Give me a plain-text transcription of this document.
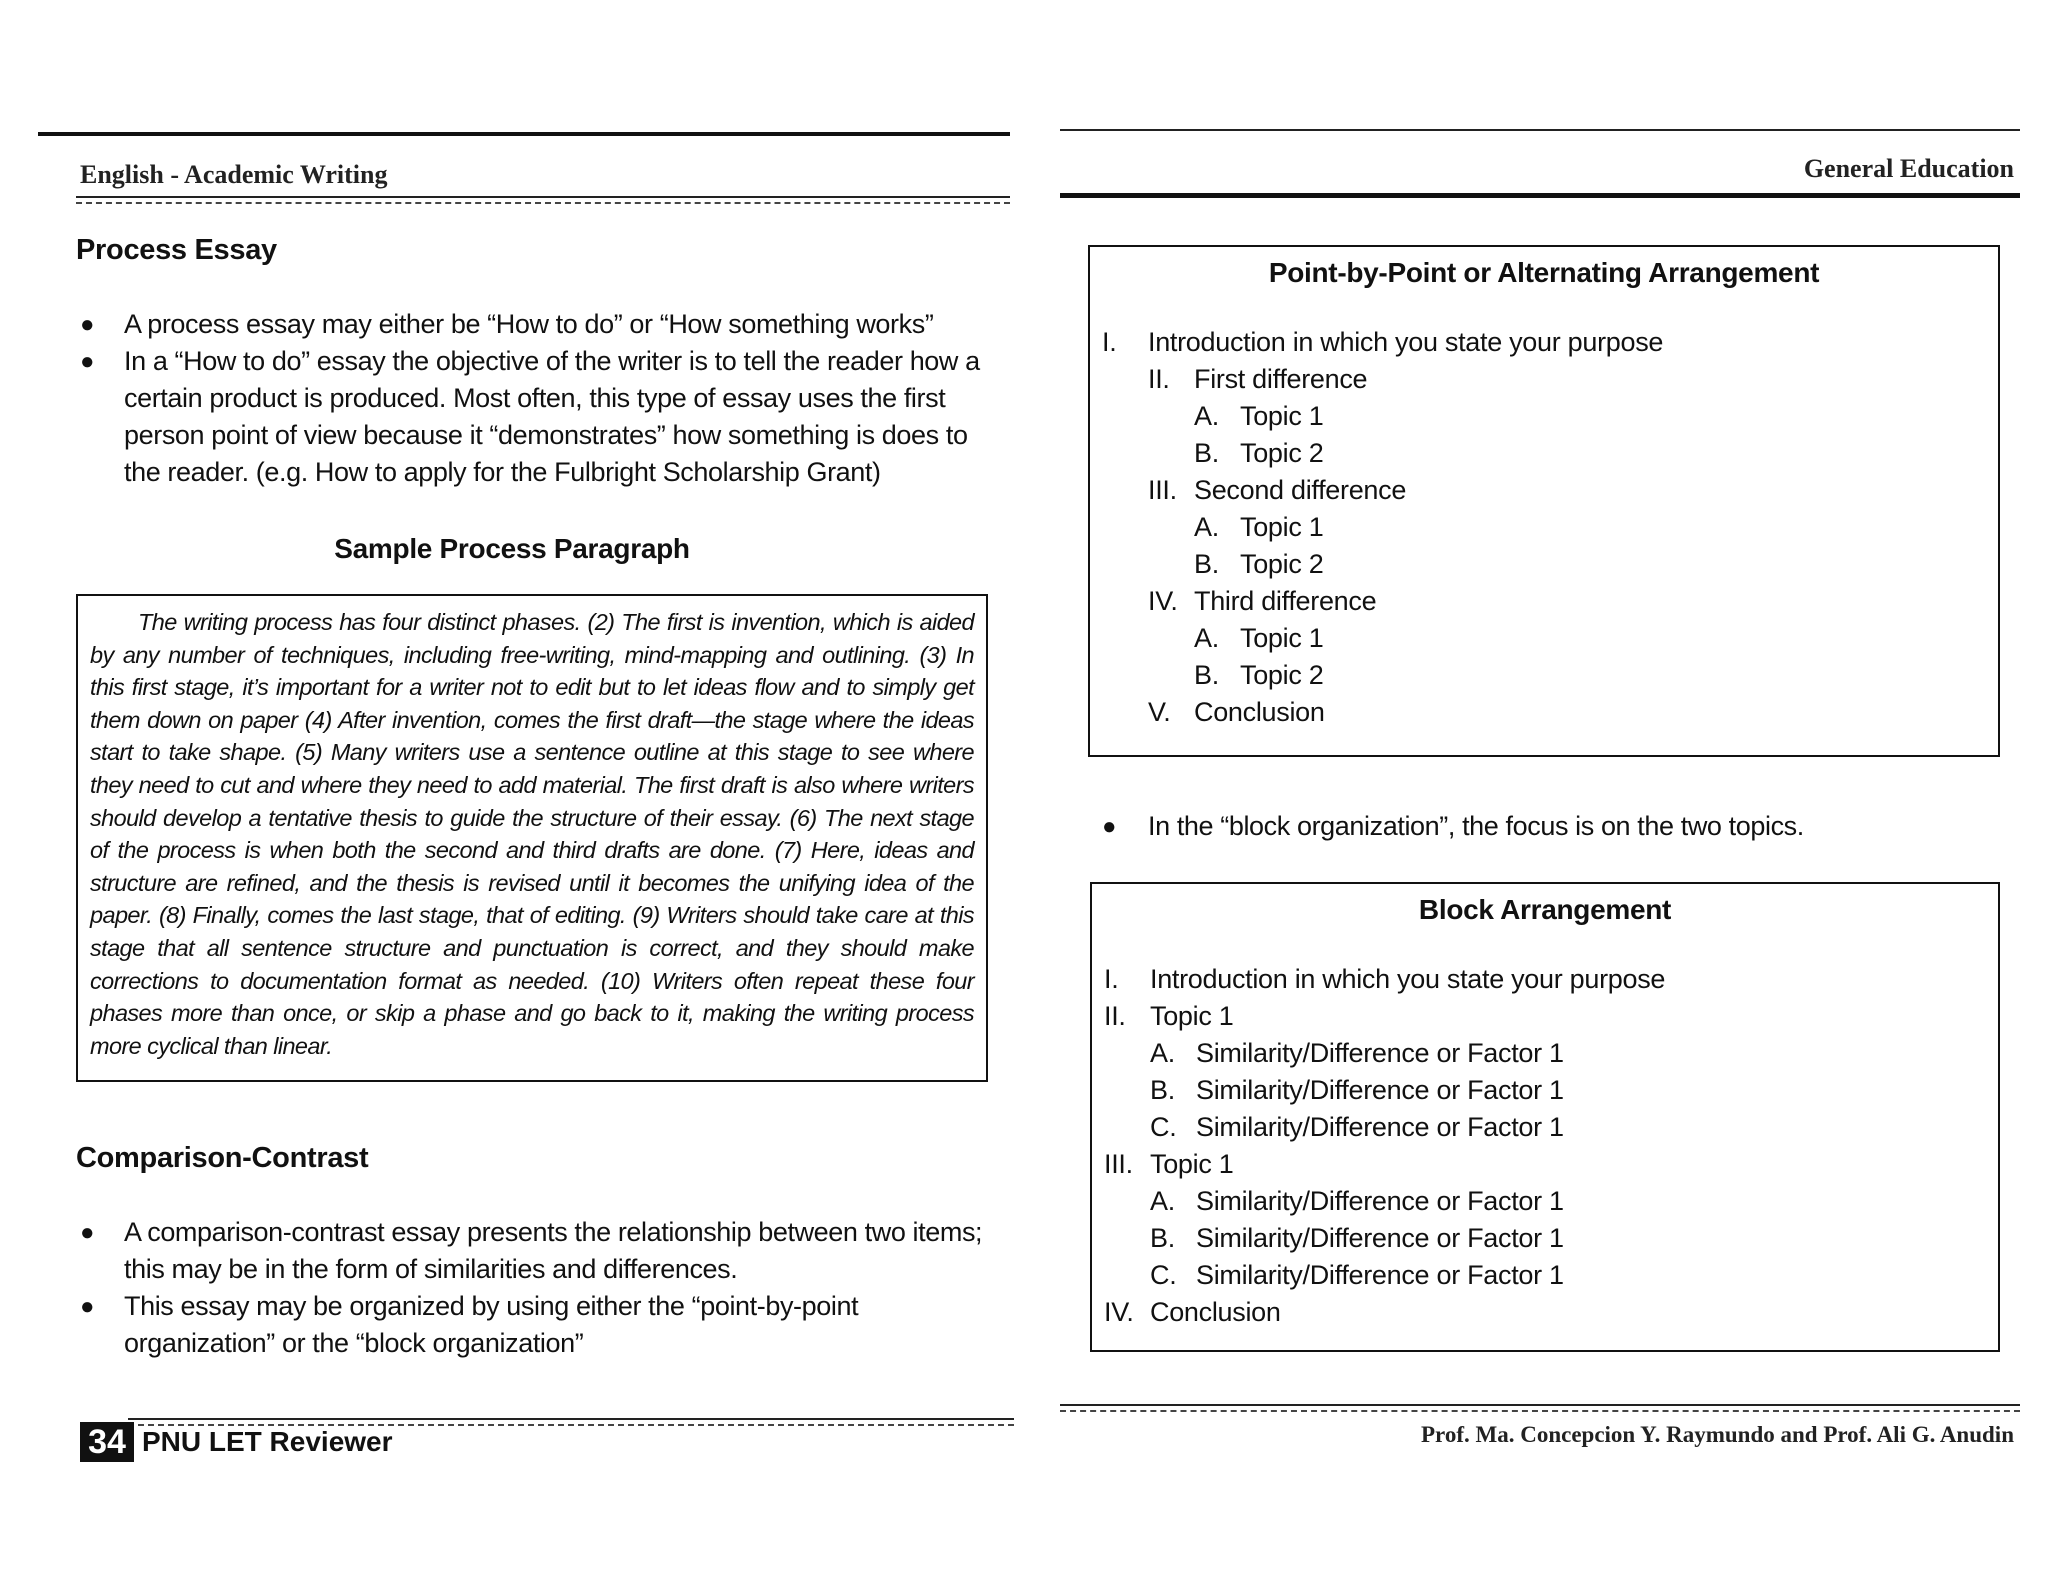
English - Academic Writing
Process Essay
● A process essay may either be “How to do” or “How something works”
● In a “How to do” essay the objective of the writer is to tell the reader how a certain product is produced. Most often, this type of essay uses the first person point of view because it “demonstrates” how something is does to the reader. (e.g. How to apply for the Fulbright Scholarship Grant)
Sample Process Paragraph

The writing process has four distinct phases. (2) The first is invention, which is aided by any number of techniques, including free-writing, mind-mapping and outlining. (3) In this first stage, it’s important for a writer not to edit but to let ideas flow and to simply get them down on paper (4) After invention, comes the first draft—the stage where the ideas start to take shape. (5) Many writers use a sentence outline at this stage to see where they need to cut and where they need to add material. The first draft is also where writers should develop a tentative thesis to guide the structure of their essay. (6) The next stage of the process is when both the second and third drafts are done. (7) Here, ideas and structure are refined, and the thesis is revised until it becomes the unifying idea of the paper. (8) Finally, comes the last stage, that of editing. (9) Writers should take care at this stage that all sentence structure and punctuation is correct, and they should make corrections to documentation format as needed. (10) Writers often repeat these four phases more than once, or skip a phase and go back to it, making the writing process more cyclical than linear.

Comparison-Contrast
● A comparison-contrast essay presents the relationship between two items; this may be in the form of similarities and differences.
● This essay may be organized by using either the “point-by-point organization” or the “block organization”
34 PNU LET Reviewer
General Education
Point-by-Point or Alternating Arrangement
I. Introduction in which you state your purpose
II. First difference
A. Topic 1
B. Topic 2
III. Second difference
A. Topic 1
B. Topic 2
IV. Third difference
A. Topic 1
B. Topic 2
V. Conclusion
● In the “block organization”, the focus is on the two topics.
Block Arrangement
I. Introduction in which you state your purpose
II. Topic 1
A. Similarity/Difference or Factor 1
B. Similarity/Difference or Factor 1
C. Similarity/Difference or Factor 1
III. Topic 1
A. Similarity/Difference or Factor 1
B. Similarity/Difference or Factor 1
C. Similarity/Difference or Factor 1
IV. Conclusion
Prof. Ma. Concepcion Y. Raymundo and Prof. Ali G. Anudin
